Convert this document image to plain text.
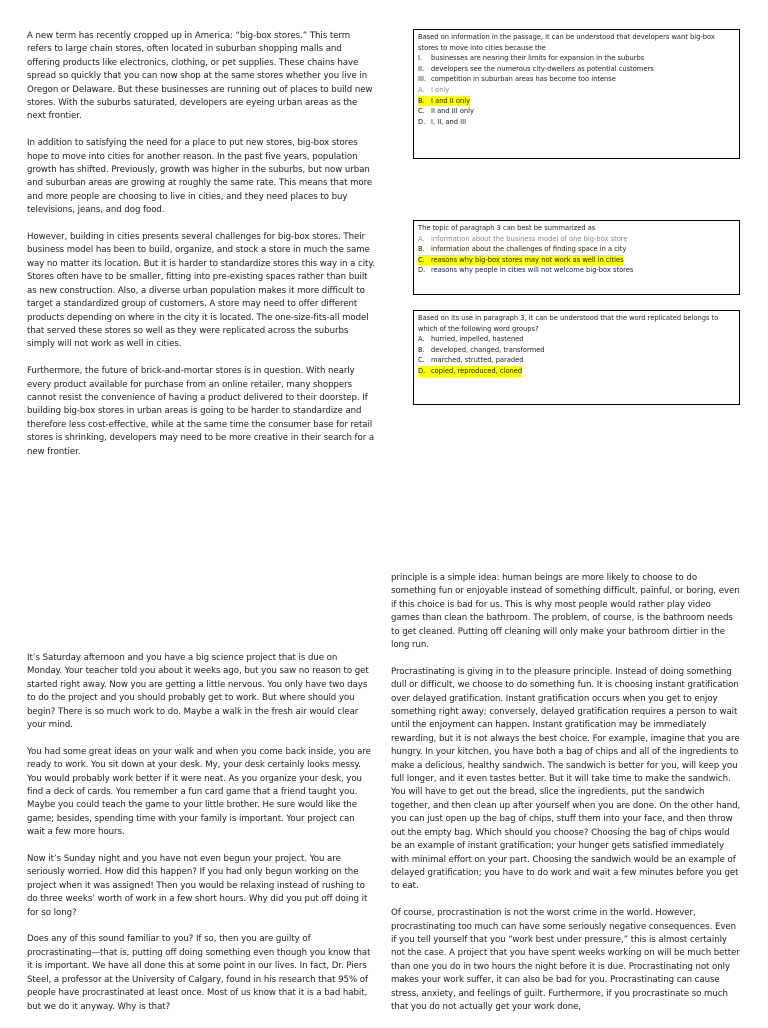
A new term has recently cropped up in America: “big-box stores.” This term refers to large chain stores, often located in suburban shopping malls and offering products like electronics, clothing, or pet supplies. These chains have spread so quickly that you can now shop at the same stores whether you live in Oregon or Delaware. But these businesses are running out of places to build new stores. With the suburbs saturated, developers are eyeing urban areas as the next frontier.

In addition to satisfying the need for a place to put new stores, big-box stores hope to move into cities for another reason. In the past five years, population growth has shifted. Previously, growth was higher in the suburbs, but now urban and suburban areas are growing at roughly the same rate. This means that more and more people are choosing to live in cities, and they need places to buy televisions, jeans, and dog food.

However, building in cities presents several challenges for big-box stores. Their business model has been to build, organize, and stock a store in much the same way no matter its location. But it is harder to standardize stores this way in a city. Stores often have to be smaller, fitting into pre-existing spaces rather than built as new construction. Also, a diverse urban population makes it more difficult to target a standardized group of customers. A store may need to offer different products depending on where in the city it is located. The one-size-fits-all model that served these stores so well as they were replicated across the suburbs simply will not work as well in cities.

Furthermore, the future of brick-and-mortar stores is in question. With nearly every product available for purchase from an online retailer, many shoppers cannot resist the convenience of having a product delivered to their doorstep. If building big-box stores in urban areas is going to be harder to standardize and therefore less cost-effective, while at the same time the consumer base for retail stores is shrinking, developers may need to be more creative in their search for a new frontier.

Based on information in the passage, it can be understood that developers want big-box stores to move into cities because the

I. businesses are nearing their limits for expansion in the suburbs
II. developers see the numerous city-dwellers as potential customers
III. competition in suburban areas has become too intense
A. I only
B. I and II only
C. II and III only
D. I, II, and III

The topic of paragraph 3 can best be summarized as

A. information about the business model of one big-box store
B. information about the challenges of finding space in a city
C. reasons why big-box stores may not work as well in cities
D. reasons why people in cities will not welcome big-box stores

Based on its use in paragraph 3, it can be understood that the word replicated belongs to which of the following word groups?

A. hurried, impelled, hastened
B. developed, changed, transformed
C. marched, strutted, paraded
D. copied, reproduced, cloned

principle is a simple idea: human beings are more likely to choose to do something fun or enjoyable instead of something difficult, painful, or boring, even if this choice is bad for us. This is why most people would rather play video games than clean the bathroom. The problem, of course, is the bathroom needs to get cleaned. Putting off cleaning will only make your bathroom dirtier in the long run.

Procrastinating is giving in to the pleasure principle. Instead of doing something dull or difficult, we choose to do something fun. It is choosing instant gratification over delayed gratification. Instant gratification occurs when you get to enjoy something right away; conversely, delayed gratification requires a person to wait until the enjoyment can happen. Instant gratification may be immediately rewarding, but it is not always the best choice. For example, imagine that you are hungry. In your kitchen, you have both a bag of chips and all of the ingredients to make a delicious, healthy sandwich. The sandwich is better for you, will keep you full longer, and it even tastes better. But it will take time to make the sandwich. You will have to get out the bread, slice the ingredients, put the sandwich together, and then clean up after yourself when you are done. On the other hand, you can just open up the bag of chips, stuff them into your face, and then throw out the empty bag. Which should you choose? Choosing the bag of chips would be an example of instant gratification; your hunger gets satisfied immediately with minimal effort on your part. Choosing the sandwich would be an example of delayed gratification; you have to do work and wait a few minutes before you get to eat.

Of course, procrastination is not the worst crime in the world. However, procrastinating too much can have some seriously negative consequences. Even if you tell yourself that you “work best under pressure,” this is almost certainly not the case. A project that you have spent weeks working on will be much better than one you do in two hours the night before it is due. Procrastinating not only makes your work suffer, it can also be bad for you. Procrastinating can cause stress, anxiety, and feelings of guilt. Furthermore, if you procrastinate so much that you do not actually get your work done,

It’s Saturday afternoon and you have a big science project that is due on Monday. Your teacher told you about it weeks ago, but you saw no reason to get started right away. Now you are getting a little nervous. You only have two days to do the project and you should probably get to work. But where should you begin? There is so much work to do. Maybe a walk in the fresh air would clear your mind.

You had some great ideas on your walk and when you come back inside, you are ready to work. You sit down at your desk. My, your desk certainly looks messy. You would probably work better if it were neat. As you organize your desk, you find a deck of cards. You remember a fun card game that a friend taught you. Maybe you could teach the game to your little brother. He sure would like the game; besides, spending time with your family is important. Your project can wait a few more hours.

Now it’s Sunday night and you have not even begun your project. You are seriously worried. How did this happen? If you had only begun working on the project when it was assigned! Then you would be relaxing instead of rushing to do three weeks’ worth of work in a few short hours. Why did you put off doing it for so long?

Does any of this sound familiar to you? If so, then you are guilty of procrastinating—that is, putting off doing something even though you know that it is important. We have all done this at some point in our lives. In fact, Dr. Piers Steel, a professor at the University of Calgary, found in his research that 95% of people have procrastinated at least once. Most of us know that it is a bad habit, but we do it anyway. Why is that?
